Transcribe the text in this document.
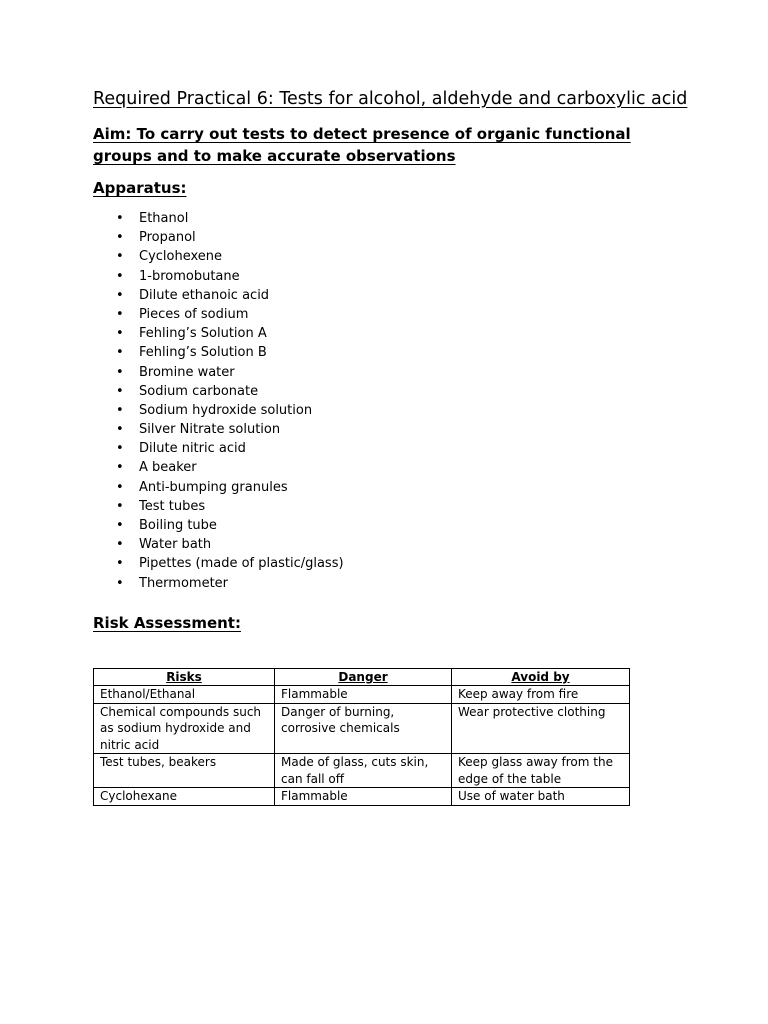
Required Practical 6: Tests for alcohol, aldehyde and carboxylic acid

Aim: To carry out tests to detect presence of organic functional groups and to make accurate observations

Apparatus:
• Ethanol
• Propanol
• Cyclohexene
• 1-bromobutane
• Dilute ethanoic acid
• Pieces of sodium
• Fehling’s Solution A
• Fehling’s Solution B
• Bromine water
• Sodium carbonate
• Sodium hydroxide solution
• Silver Nitrate solution
• Dilute nitric acid
• A beaker
• Anti-bumping granules
• Test tubes
• Boiling tube
• Water bath
• Pipettes (made of plastic/glass)
• Thermometer
Risk Assessment:
Risks	Danger	Avoid by
Ethanol/Ethanal	Flammable	Keep away from fire
Chemical compounds such as sodium hydroxide and nitric acid	Danger of burning, corrosive chemicals	Wear protective clothing
Test tubes, beakers	Made of glass, cuts skin, can fall off	Keep glass away from the edge of the table
Cyclohexane	Flammable	Use of water bath
